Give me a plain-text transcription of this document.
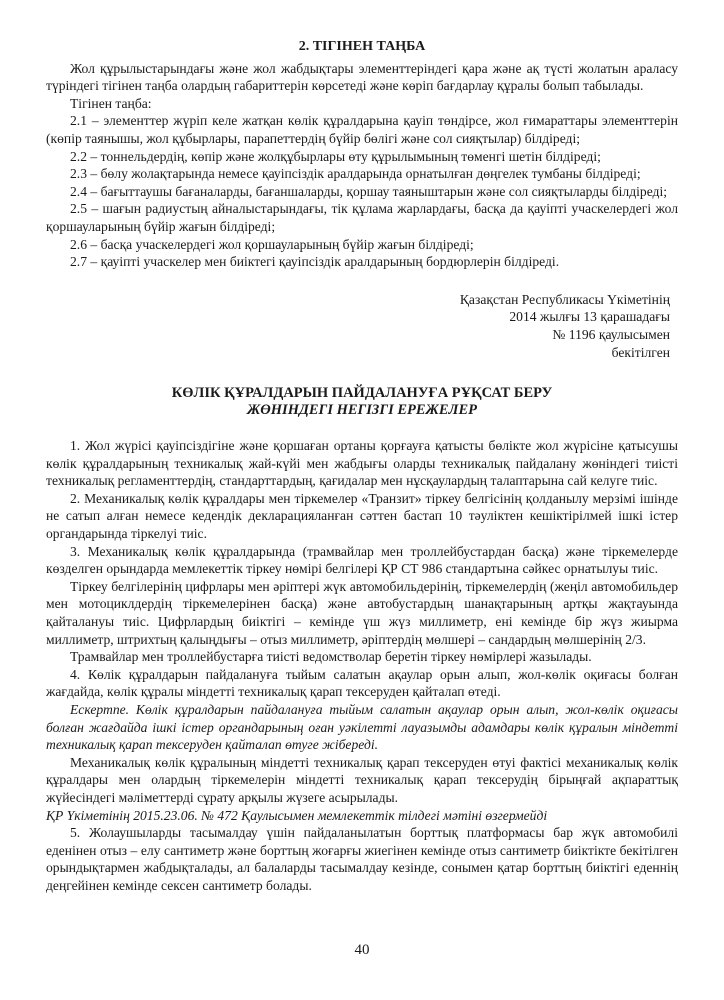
2. ТІГІНЕН ТАҢБА

Жол құрылыстарындағы және жол жабдықтары элементтеріндегі қара және ақ түсті жолатын араласу түріндегі тігінен таңба олардың габариттерін көрсетеді және көріп бағдарлау құралы болып табылады.

Тігінен таңба:

2.1 – элементтер жүріп келе жатқан көлік құралдарына қауіп төндірсе, жол ғимараттары элементтерін (көпір таянышы, жол құбырлары, парапеттердің бүйір бөлігі және сол сияқтылар) білдіреді;

2.2 – тоннельдердің, көпір және жолқұбырлары өту құрылымының төменгі шетін білдіреді;

2.3 – бөлу жолақтарында немесе қауіпсіздік аралдарында орнатылған дөңгелек тумбаны білдіреді;

2.4 – бағыттаушы бағаналарды, бағаншаларды, қоршау таяныштарын және сол сияқтыларды білдіреді;

2.5 – шағын радиустың айналыстарындағы, тік құлама жарлардағы, басқа да қауіпті учаскелердегі жол қоршауларының бүйір жағын білдіреді;

2.6 – басқа учаскелердегі жол қоршауларының бүйір жағын білдіреді;

2.7 – қауіпті учаскелер мен биіктегі қауіпсіздік аралдарының бордюрлерін білдіреді.

Қазақстан Республикасы Үкіметінің
2014 жылғы 13 қарашадағы
№ 1196 қаулысымен
бекітілген
КӨЛІК ҚҰРАЛДАРЫН ПАЙДАЛАНУҒА РҰҚСАТ БЕРУ
ЖӨНІНДЕГІ НЕГІЗГІ ЕРЕЖЕЛЕР

1. Жол жүрісі қауіпсіздігіне және қоршаған ортаны қорғауға қатысты бөлікте жол жүрісіне қатысушы көлік құралдарының техникалық жай-күйі мен жабдығы оларды техникалық пайдалану жөніндегі тиісті техникалық регламенттердің, стандарттардың, қағидалар мен нұсқаулардың талаптарына сай келуге тиіс.

2. Механикалық көлік құралдары мен тіркемелер «Транзит» тіркеу белгісінің қолданылу мерзімі ішінде не сатып алған немесе кедендік декларацияланған сәттен бастап 10 тәуліктен кешіктірілмей ішкі істер органдарында тіркелуі тиіс.

3. Механикалық көлік құралдарында (трамвайлар мен троллейбустардан басқа) және тіркемелерде көзделген орындарда мемлекеттік тіркеу нөмірі белгілері ҚР СТ 986 стандартына сәйкес орнатылуы тиіс.

Тіркеу белгілерінің цифрлары мен әріптері жүк автомобильдерінің, тіркемелердің (жеңіл автомобильдер мен мотоциклдердің тіркемелерінен басқа) және автобустардың шанақтарының артқы жақтауында қайталануы тиіс. Цифрлардың биіктігі – кемінде үш жүз миллиметр, ені кемінде бір жүз жиырма миллиметр, штрихтың қалыңдығы – отыз миллиметр, әріптердің мөлшері – сандардың мөлшерінің 2/3.

Трамвайлар мен троллейбустарға тиісті ведомстволар беретін тіркеу нөмірлері жазылады.

4. Көлік құралдарын пайдалануға тыйым салатын ақаулар орын алып, жол-көлік оқиғасы болған жағдайда, көлік құралы міндетті техникалық қарап тексеруден қайталап өтеді.

Ескертпе. Көлік құралдарын пайдалануға тыйым салатын ақаулар орын алып, жол-көлік оқиғасы болған жағдайда ішкі істер органдарының оған уәкілетті лауазымды адамдары көлік құралын міндетті техникалық қарап тексеруден қайталап өтуге жібереді.

Механикалық көлік құралының міндетті техникалық қарап тексеруден өтуі фактісі механикалық көлік құралдары мен олардың тіркемелерін міндетті техникалық қарап тексерудің бірыңғай ақпараттық жүйесіндегі мәліметтерді сұрату арқылы жүзеге асырылады.

ҚР Үкіметінің 2015.23.06. № 472 Қаулысымен мемлекеттік тілдегі мәтіні өзгермейді

5. Жолаушыларды тасымалдау үшін пайдаланылатын борттық платформасы бар жүк автомобилі еденінен отыз – елу сантиметр және борттың жоғарғы жиегінен кемінде отыз сантиметр биіктікте бекітілген орындықтармен жабдықталады, ал балаларды тасымалдау кезінде, сонымен қатар борттың биіктігі еденнің деңгейінен кемінде сексен сантиметр болады.

40
